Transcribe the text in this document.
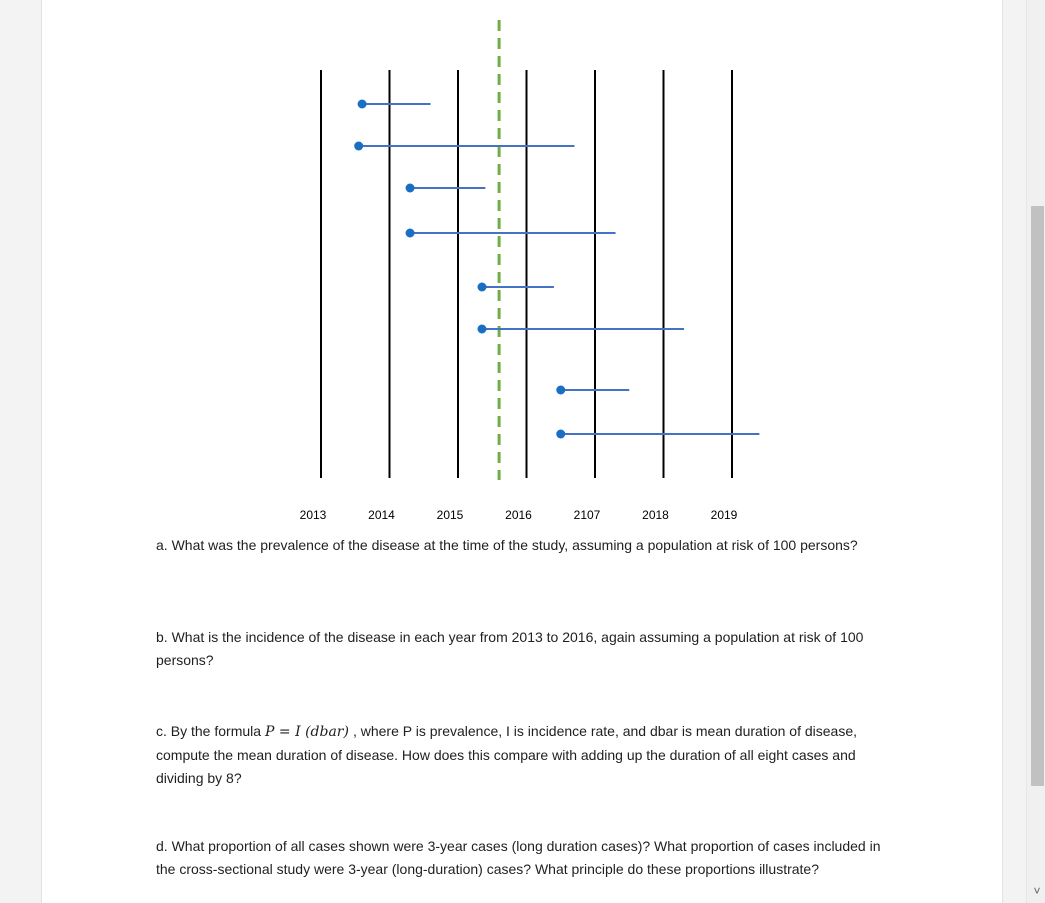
2013	2014	2015	2016	2107	2018	2019
a. What was the prevalence of the disease at the time of the study, assuming a population at risk of 100 persons?
b. What is the incidence of the disease in each year from 2013 to 2016, again assuming a population at risk of 100 persons?
c. By the formula P = I (dbar) , where P is prevalence, I is incidence rate, and dbar is mean duration of disease, compute the mean duration of disease. How does this compare with adding up the duration of all eight cases and dividing by 8?
d. What proportion of all cases shown were 3-year cases (long duration cases)? What proportion of cases included in the cross-sectional study were 3-year (long-duration) cases? What principle do these proportions illustrate?
˅
